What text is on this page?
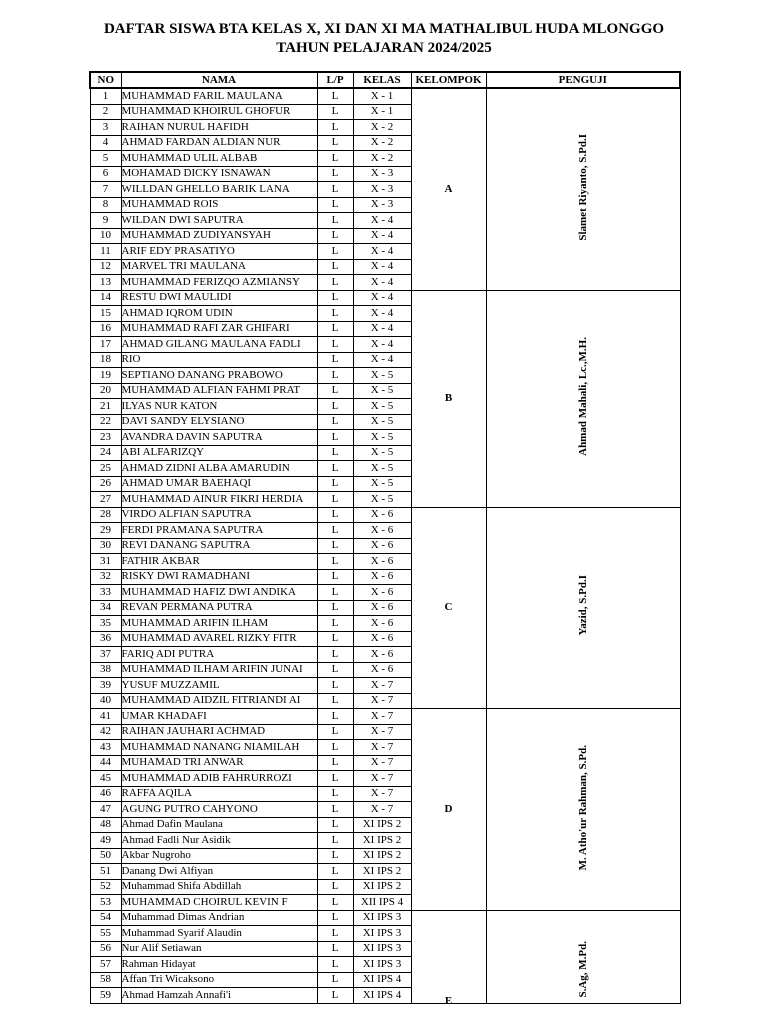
DAFTAR SISWA BTA KELAS X, XI DAN XI MA MATHALIBUL HUDA MLONGGO
TAHUN PELAJARAN 2024/2025
NO	NAMA	L/P	KELAS	KELOMPOK	PENGUJI
1	MUHAMMAD FARIL MAULANA	L	X - 1	A	Slamet Riyanto, S.Pd.I
2	MUHAMMAD KHOIRUL GHOFUR	L	X - 1		
3	RAIHAN NURUL HAFIDH	L	X - 2		
4	AHMAD FARDAN ALDIAN NUR	L	X - 2		
5	MUHAMMAD ULIL ALBAB	L	X - 2		
6	MOHAMAD DICKY ISNAWAN	L	X - 3		
7	WILLDAN GHELLO BARIK LANA	L	X - 3		
8	MUHAMMAD ROIS	L	X - 3		
9	WILDAN DWI SAPUTRA	L	X - 4		
10	MUHAMMAD ZUDIYANSYAH	L	X - 4		
11	ARIF EDY PRASATIYO	L	X - 4		
12	MARVEL TRI MAULANA	L	X - 4		
13	MUHAMMAD FERIZQO AZMIANSY	L	X - 4		
14	RESTU DWI MAULIDI	L	X - 4	B	Ahmad Mahali, Lc.,M.H.
15	AHMAD IQROM UDIN	L	X - 4		
16	MUHAMMAD RAFI ZAR GHIFARI	L	X - 4		
17	AHMAD GILANG MAULANA FADLI	L	X - 4		
18	RIO	L	X - 4		
19	SEPTIANO DANANG PRABOWO	L	X - 5		
20	MUHAMMAD ALFIAN FAHMI PRAT	L	X - 5		
21	ILYAS NUR KATON	L	X - 5		
22	DAVI SANDY ELYSIANO	L	X - 5		
23	AVANDRA DAVIN SAPUTRA	L	X - 5		
24	ABI ALFARIZQY	L	X - 5		
25	AHMAD ZIDNI ALBA AMARUDIN	L	X - 5		
26	AHMAD UMAR BAEHAQI	L	X - 5		
27	MUHAMMAD AINUR FIKRI HERDIA	L	X - 5		
28	VIRDO ALFIAN SAPUTRA	L	X - 6	C	Yazid, S.Pd.I
29	FERDI PRAMANA SAPUTRA	L	X - 6		
30	REVI DANANG SAPUTRA	L	X - 6		
31	FATHIR AKBAR	L	X - 6		
32	RISKY DWI RAMADHANI	L	X - 6		
33	MUHAMMAD HAFIZ DWI ANDIKA	L	X - 6		
34	REVAN PERMANA PUTRA	L	X - 6		
35	MUHAMMAD ARIFIN ILHAM	L	X - 6		
36	MUHAMMAD AVAREL RIZKY FITR	L	X - 6		
37	FARIQ ADI PUTRA	L	X - 6		
38	MUHAMMAD ILHAM ARIFIN JUNAI	L	X - 6		
39	YUSUF MUZZAMIL	L	X - 7		
40	MUHAMMAD AIDZIL FITRIANDI AI	L	X - 7		
41	UMAR KHADAFI	L	X - 7	D	M. Atho'ur Rahman, S.Pd.
42	RAIHAN JAUHARI ACHMAD	L	X - 7		
43	MUHAMMAD NANANG NIAMILAH	L	X - 7		
44	MUHAMAD TRI ANWAR	L	X - 7		
45	MUHAMMAD ADIB FAHRURROZI	L	X - 7		
46	RAFFA AQILA	L	X - 7		
47	AGUNG PUTRO CAHYONO	L	X - 7		
48	Ahmad Dafin Maulana	L	XI IPS 2		
49	Ahmad Fadli Nur Asidik	L	XI IPS 2		
50	Akbar Nugroho	L	XI IPS 2		
51	Danang Dwi Alfiyan	L	XI IPS 2		
52	Muhammad Shifa Abdillah	L	XI IPS 2		
53	MUHAMMAD CHOIRUL KEVIN F	L	XII IPS 4		
54	Muhammad Dimas Andrian	L	XI IPS 3	E	S.Ag, M.Pd.

55	Muhammad Syarif Alaudin	L	XI IPS 3		
56	Nur Alif Setiawan	L	XI IPS 3		
57	Rahman Hidayat	L	XI IPS 3		
58	Affan Tri Wicaksono	L	XI IPS 4		
59	Ahmad Hamzah Annafi'i	L	XI IPS 4		
